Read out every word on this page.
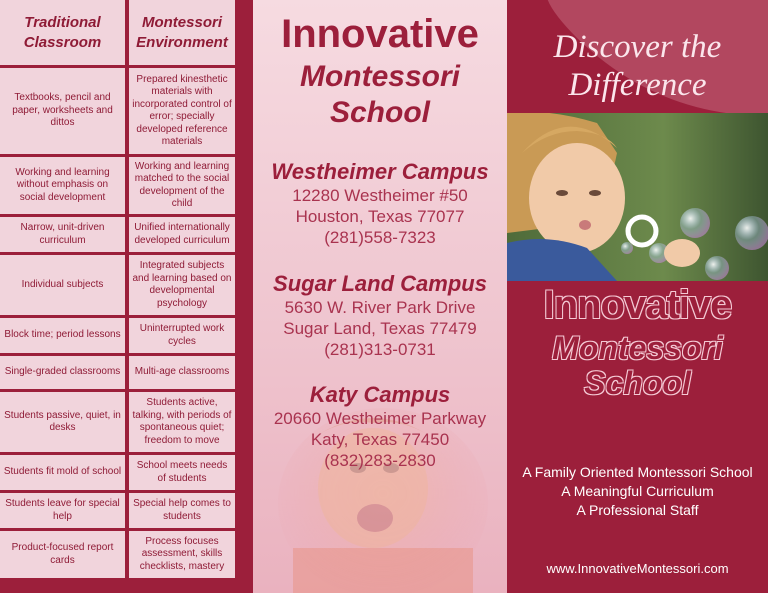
Traditional
Classroom
Montessori
Environment
Textbooks, pencil and paper, worksheets and dittos
Prepared kinesthetic materials with incorporated control of error; specially developed reference materials
Working and learning without emphasis on social development
Working and learning matched to the social development of the child
Narrow, unit-driven curriculum
Unified internationally developed curriculum
Individual subjects
Integrated subjects and learning based on developmental psychology
Block time; period lessons
Uninterrupted work cycles
Single-graded classrooms	Multi-age classrooms
Students passive, quiet, in desks
Students active, talking, with periods of spontaneous quiet; freedom to move
Students fit mold of school
School meets needs of students
Students leave for special help
Special help comes to students
Product-focused report cards
Process focuses assessment, skills checklists, mastery
Innovative
Montessori
School
Westheimer Campus
12280 Westheimer #50
Houston, Texas 77077
(281)558-7323
Sugar Land Campus
5630 W. River Park Drive
Sugar Land, Texas 77479
(281)313-0731
Katy Campus
20660 Westheimer Parkway
Katy, Texas 77450
(832)283-2830
Discover the
Difference
Innovative
Montessori
School
A Family Oriented Montessori School
A Meaningful Curriculum
A Professional Staff
www.InnovativeMontessori.com
